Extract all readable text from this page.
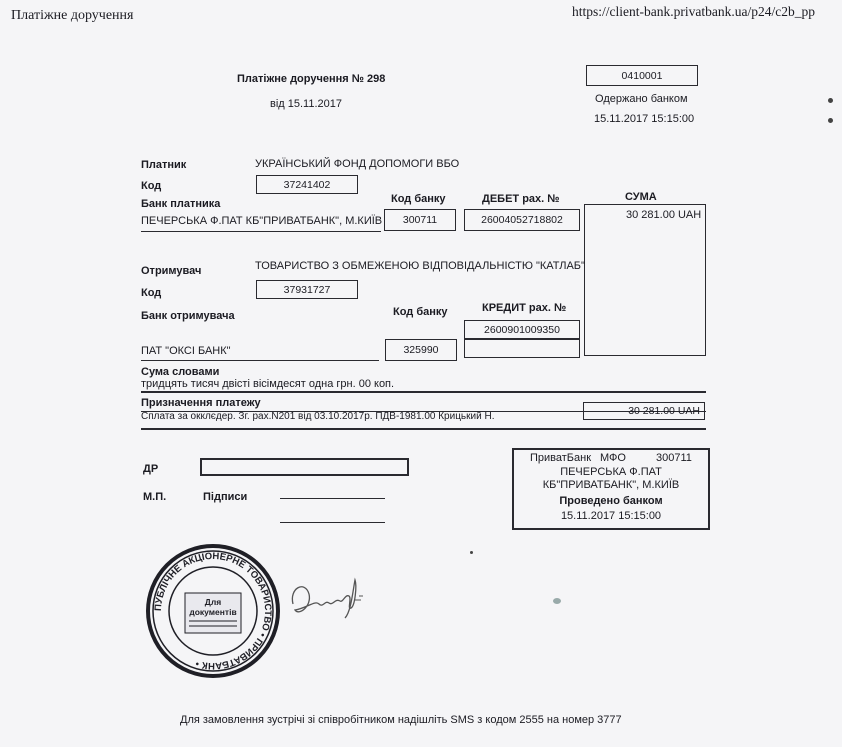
Платіжне доручення	https://client-bank.privatbank.ua/p24/c2b_pp
Платіжне доручення № 298
від 15.11.2017
0410001
Одержано банком
15.11.2017 15:15:00
Платник	УКРАЇНСЬКИЙ ФОНД ДОПОМОГИ ВБО
Код	37241402
Банк платника	Код банку	ДЕБЕТ рах. №
ПЕЧЕРСЬКА Ф.ПАТ КБ"ПРИВАТБАНК", М.КИЇВ	300711	26004052718802
СУМА
30 281.00 UAH
Отримувач	ТОВАРИСТВО З ОБМЕЖЕНОЮ ВІДПОВІДАЛЬНІСТЮ "КАТЛАБ"
Код	37931727
Банк отримувача	Код банку	КРЕДИТ рах. №
2600901009350
ПАТ "ОКСІ БАНК"	325990
Сума словами
тридцять тисяч двісті вісімдесят одна грн. 00 коп.
Призначення платежу
Сплата за окклєдер. Зг. рах.N201 від 03.10.2017р. ПДВ-1981.00 Крицький Н.	30 281.00 UAH
ДР
М.П.	Підписи
ПриватБанк МФО	300711
ПЕЧЕРСЬКА Ф.ПАТ
КБ"ПРИВАТБАНК", М.КИЇВ
Проведено банком
15.11.2017 15:15:00
ПУБЛІЧНЕ АКЦІОНЕРНЕ ТОВАРИСТВО • ПРИВАТБАНК •
Для
документів
Для замовлення зустрічі зі співробітником надішліть SMS з кодом 2555 на номер 3777
